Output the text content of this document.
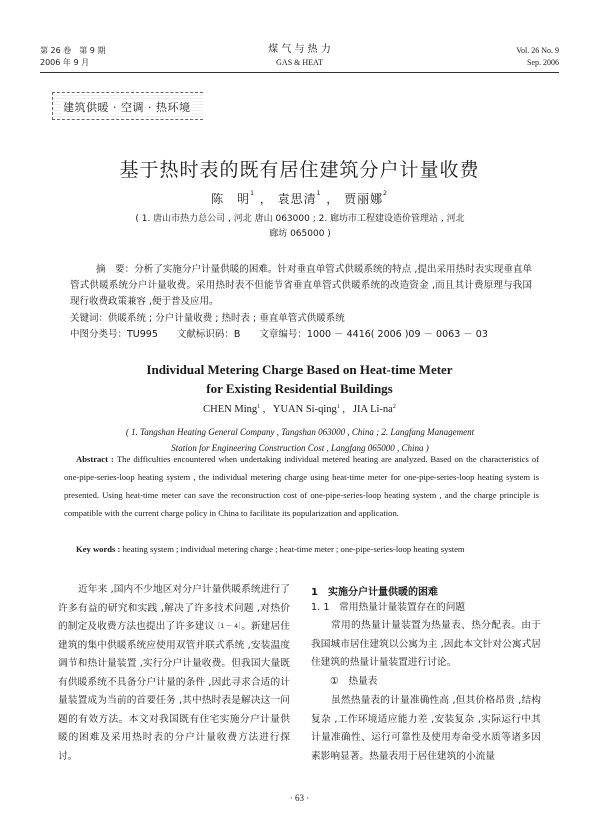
第 26 卷　第 9 期
2006 年 9 月
煤 气 与 热 力
GAS & HEAT
Vol. 26 No. 9
Sep. 2006
建筑供暖 · 空调 · 热环境
基于热时表的既有居住建筑分户计量收费
陈　明$^1$ ， 袁思清$^1$ ， 贾丽娜$^2$
( 1. 唐山市热力总公司 , 河北 唐山 063000 ; 2. 廊坊市工程建设造价管理站 , 河北
廊坊 065000 )
摘　要：分析了实施分户计量供暖的困难。针对垂直单管式供暖系统的特点 ,提出采用热时表实现垂直单管式供暖系统分户计量收费。采用热时表不但能节省垂直单管式供暖系统的改造资金 ,而且其计费原理与我国现行收费政策兼容 ,便于普及应用。
关键词：供暖系统 ; 分户计量收费 ; 热时表 ; 垂直单管式供暖系统
中图分类号：TU995　　文献标识码：B　　文章编号：1000 － 4416( 2006 )09 － 0063 － 03
Individual Metering Charge Based on Heat-time Meter
for Existing Residential Buildings
CHEN Ming$^1$ ,   YUAN Si-qing$^1$ ,   JIA $Li-na^2$
( 1. Tangshan Heating General Company , Tangshan 063000 , China ; 2. Langfang Management
Station for Engineering Construction Cost , Langfang 065000 , China )
Abstract : The difficulties encountered when undertaking individual metered heating are analyzed. Based on the characteristics of one-pipe-series-loop heating system , the individual metering charge using heat-time meter for one-pipe-series-loop heating system is presented. Using heat-time meter can save the reconstruction cost of one-pipe-series-loop heating system , and the charge principle is compatible with the current charge policy in China to facilitate its popularization and application.
Key words : heating system ; individual metering charge ; heat-time meter ; one-pipe-series-loop heating system
近年来 ,国内不少地区对分户计量供暖系统进行了许多有益的研究和实践 ,解决了许多技术问题 ,对热价的制定及收费方法也提出了许多建议$^{[1 \sim 4]}$。新建居住建筑的集中供暖系统应使用双管并联式系统 ,安装温度调节和热计量装置 ,实行分户计量收费。但我国大量既有供暖系统不具备分户计量的条件 ,因此寻求合适的计量装置成为当前的首要任务 ,其中热时表是解决这一问题的有效方法。本文对我国既有住宅实施分户计量供暖的困难及采用热时表的分户计量收费方法进行探讨。
1　实施分户计量供暖的困难
1. 1　常用热量计量装置存在的问题
常用的热量计量装置为热量表、热分配表。由于我国城市居住建筑以公寓为主 ,因此本文针对公寓式居住建筑的热量计量装置进行讨论。
①　热量表
虽然热量表的计量准确性高 ,但其价格昂贵 ,结构复杂 ,工作环境适应能力差 ,安装复杂 ,实际运行中其计量准确性、运行可靠性及使用寿命受水质等诸多因素影响显著。热量表用于居住建筑的小流量
· 63 ·
